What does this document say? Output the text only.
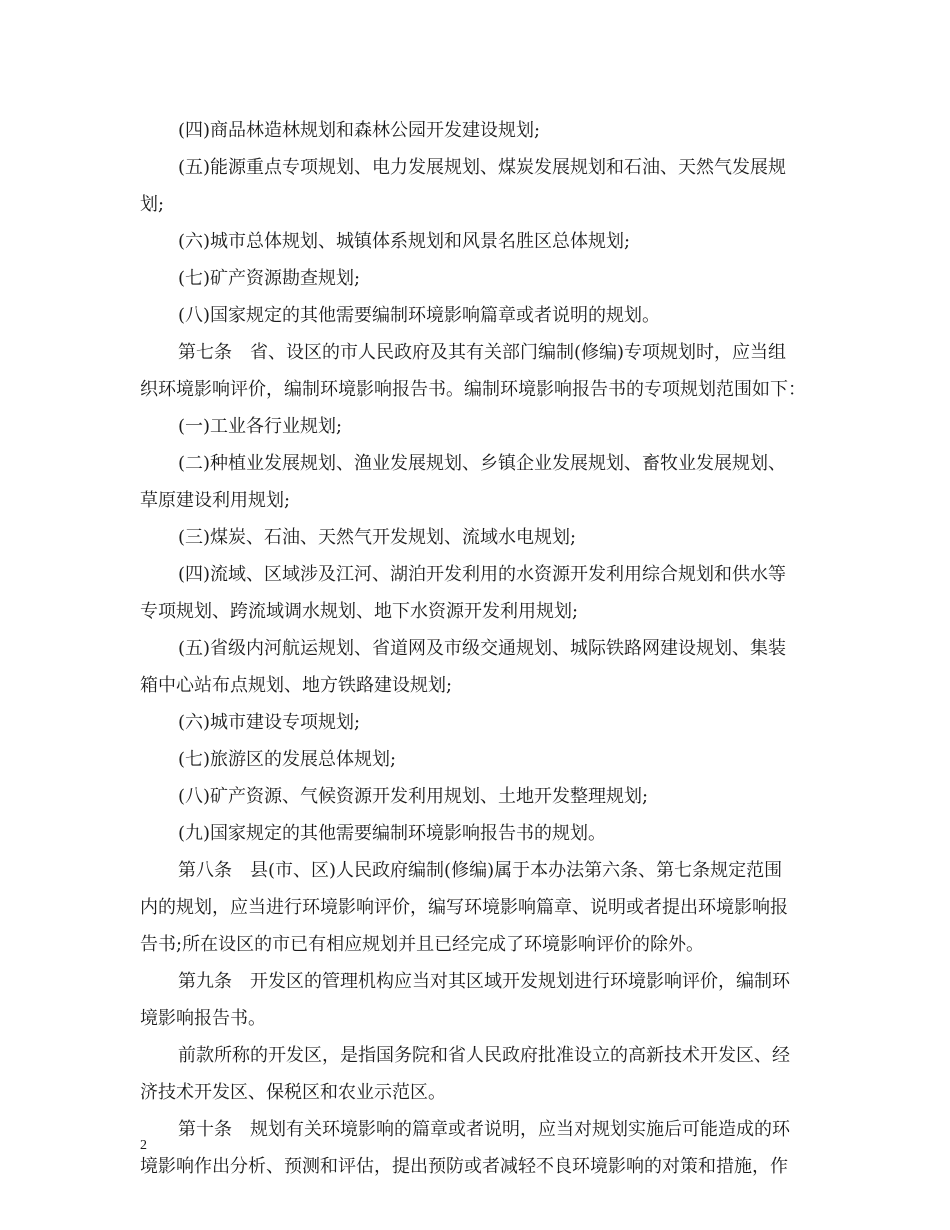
(四)商品林造林规划和森林公园开发建设规划;
(五)能源重点专项规划、电力发展规划、煤炭发展规划和石油、天然气发展规
划;
(六)城市总体规划、城镇体系规划和风景名胜区总体规划;
(七)矿产资源勘查规划;
(八)国家规定的其他需要编制环境影响篇章或者说明的规划。
第七条　省、设区的市人民政府及其有关部门编制(修编)专项规划时，应当组
织环境影响评价，编制环境影响报告书。编制环境影响报告书的专项规划范围如下：
(一)工业各行业规划;
(二)种植业发展规划、渔业发展规划、乡镇企业发展规划、畜牧业发展规划、
草原建设利用规划;
(三)煤炭、石油、天然气开发规划、流域水电规划;
(四)流域、区域涉及江河、湖泊开发利用的水资源开发利用综合规划和供水等
专项规划、跨流域调水规划、地下水资源开发利用规划;
(五)省级内河航运规划、省道网及市级交通规划、城际铁路网建设规划、集装
箱中心站布点规划、地方铁路建设规划;
(六)城市建设专项规划;
(七)旅游区的发展总体规划;
(八)矿产资源、气候资源开发利用规划、土地开发整理规划;
(九)国家规定的其他需要编制环境影响报告书的规划。
第八条　县(市、区)人民政府编制(修编)属于本办法第六条、第七条规定范围
内的规划，应当进行环境影响评价，编写环境影响篇章、说明或者提出环境影响报
告书;所在设区的市已有相应规划并且已经完成了环境影响评价的除外。
第九条　开发区的管理机构应当对其区域开发规划进行环境影响评价，编制环
境影响报告书。
前款所称的开发区，是指国务院和省人民政府批准设立的高新技术开发区、经
济技术开发区、保税区和农业示范区。
第十条　规划有关环境影响的篇章或者说明，应当对规划实施后可能造成的环
境影响作出分析、预测和评估，提出预防或者减轻不良环境影响的对策和措施，作
2
